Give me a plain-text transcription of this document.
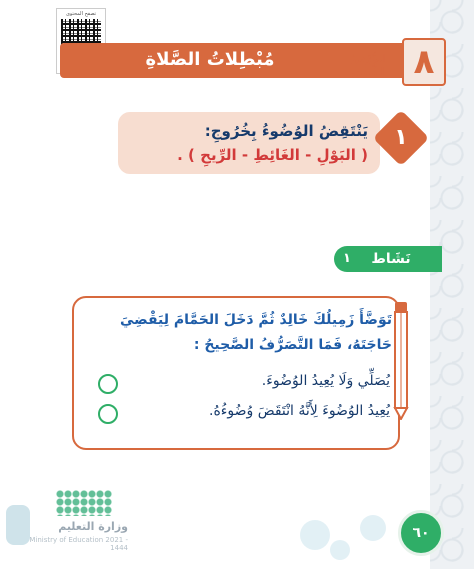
تصفح المحتوى
مُبْطِلاتُ الصَّلاةِ	الدَّرْسُ الثَّامِن ٨
يَنْتَقِضُ الوُضُوءُ بِخُرُوجِ:
( البَوْلِ - الغَائِطِ - الرِّيحِ ) .
١
نَشَاط
١
تَوَضَّأَ زَمِيلُكَ خَالِدٌ ثُمَّ دَخَلَ الحَمَّامَ لِيَقْضِيَ حَاجَتَهُ، فَمَا التَّصَرُّفُ الصَّحِيحُ :
يُصَلِّي وَلَا يُعِيدُ الوُضُوءَ.
يُعِيدُ الوُضُوءَ لِأَنَّهُ انْتَقَضَ وُضُوءُهُ.
٦٠
وزارة التعليم
Ministry of Education 2021 - 1444
